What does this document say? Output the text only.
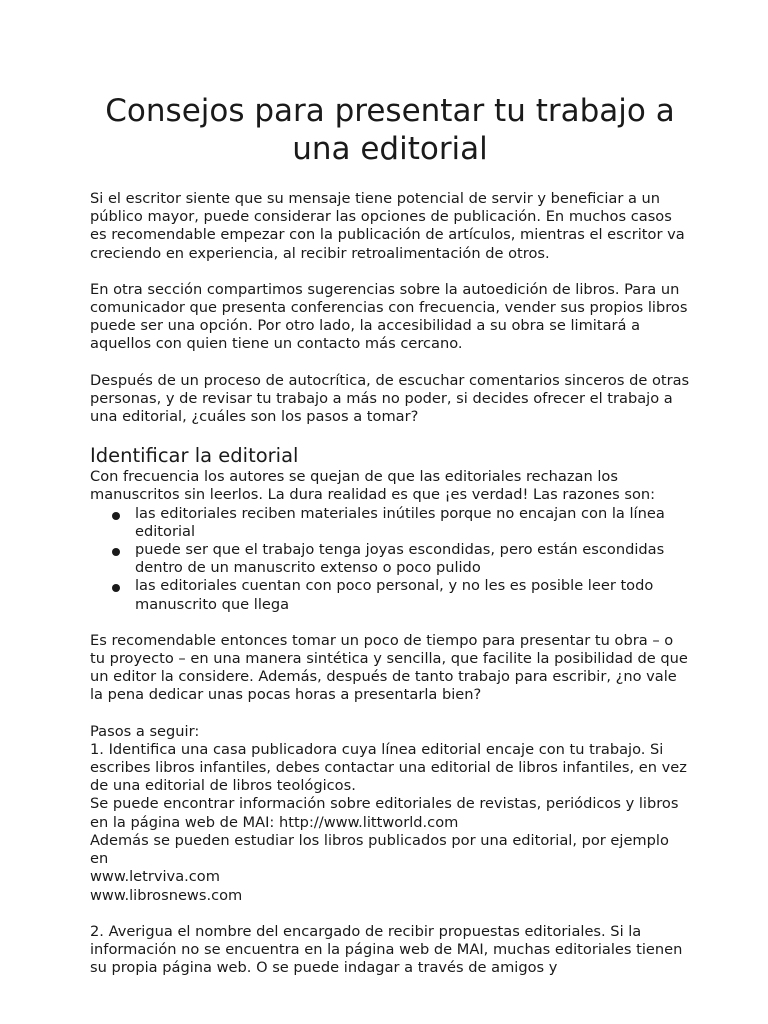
Consejos para presentar tu trabajo a una editorial

Si el escritor siente que su mensaje tiene potencial de servir y beneficiar a un público mayor, puede considerar las opciones de publicación. En muchos casos es recomendable empezar con la publicación de artículos, mientras el escritor va creciendo en experiencia, al recibir retroalimentación de otros.

En otra sección compartimos sugerencias sobre la autoedición de libros. Para un comunicador que presenta conferencias con frecuencia, vender sus propios libros puede ser una opción. Por otro lado, la accesibilidad a su obra se limitará a aquellos con quien tiene un contacto más cercano.

Después de un proceso de autocrítica, de escuchar comentarios sinceros de otras personas, y de revisar tu trabajo a más no poder, si decides ofrecer el trabajo a una editorial, ¿cuáles son los pasos a tomar?

Identificar la editorial

Con frecuencia los autores se quejan de que las editoriales rechazan los manuscritos sin leerlos. La dura realidad es que ¡es verdad! Las razones son:

las editoriales reciben materiales inútiles porque no encajan con la línea editorial
puede ser que el trabajo tenga joyas escondidas, pero están escondidas dentro de un manuscrito extenso o poco pulido
las editoriales cuentan con poco personal, y no les es posible leer todo manuscrito que llega

Es recomendable entonces tomar un poco de tiempo para presentar tu obra – o tu proyecto – en una manera sintética y sencilla, que facilite la posibilidad de que un editor la considere. Además, después de tanto trabajo para escribir, ¿no vale la pena dedicar unas pocas horas a presentarla bien?

Pasos a seguir:
1. Identifica una casa publicadora cuya línea editorial encaje con tu trabajo. Si escribes libros infantiles, debes contactar una editorial de libros infantiles, en vez de una editorial de libros teológicos.
Se puede encontrar información sobre editoriales de revistas, periódicos y libros en la página web de MAI: http://www.littworld.com
Además se pueden estudiar los libros publicados por una editorial, por ejemplo en
www.letrviva.com
www.librosnews.com

2. Averigua el nombre del encargado de recibir propuestas editoriales. Si la información no se encuentra en la página web de MAI, muchas editoriales tienen su propia página web. O se puede indagar a través de amigos y
